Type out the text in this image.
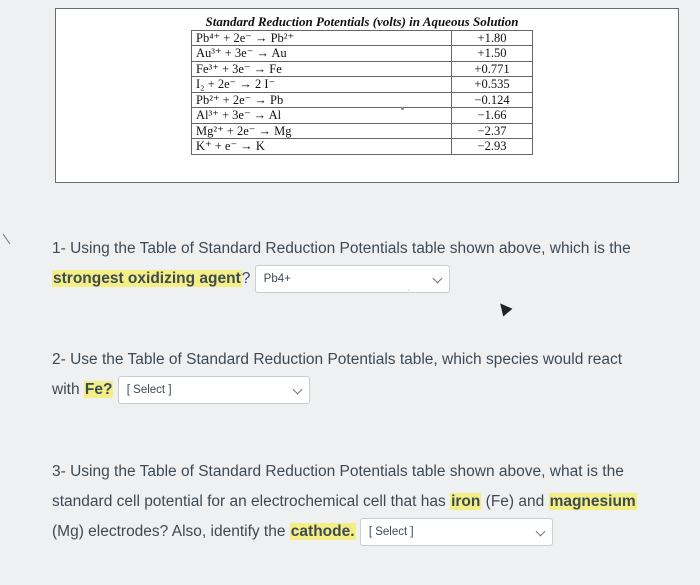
Standard Reduction Potentials (volts) in Aqueous Solution	
Pb⁴⁺ + 2e⁻ → Pb²⁺	+1.80
Au³⁺ + 3e⁻ → Au	+1.50
Fe³⁺ + 3e⁻ → Fe	+0.771
I₂ + 2e⁻ → 2 I⁻	+0.535
Pb²⁺ + 2e⁻ → Pb	−0.124
Al³⁺ + 3e⁻ → Al	−1.66
Mg²⁺ + 2e⁻ → Mg	−2.37
K⁺ + e⁻ → K	−2.93
1- Using the Table of Standard Reduction Potentials table shown above, which is the
strongest oxidizing agent? Pb4+
ˌ
2- Use the Table of Standard Reduction Potentials table, which species would react
with Fe? [ Select ]
3- Using the Table of Standard Reduction Potentials table shown above, what is the
standard cell potential for an electrochemical cell that has iron (Fe) and magnesium
(Mg) electrodes? Also, identify the cathode. [ Select ]
